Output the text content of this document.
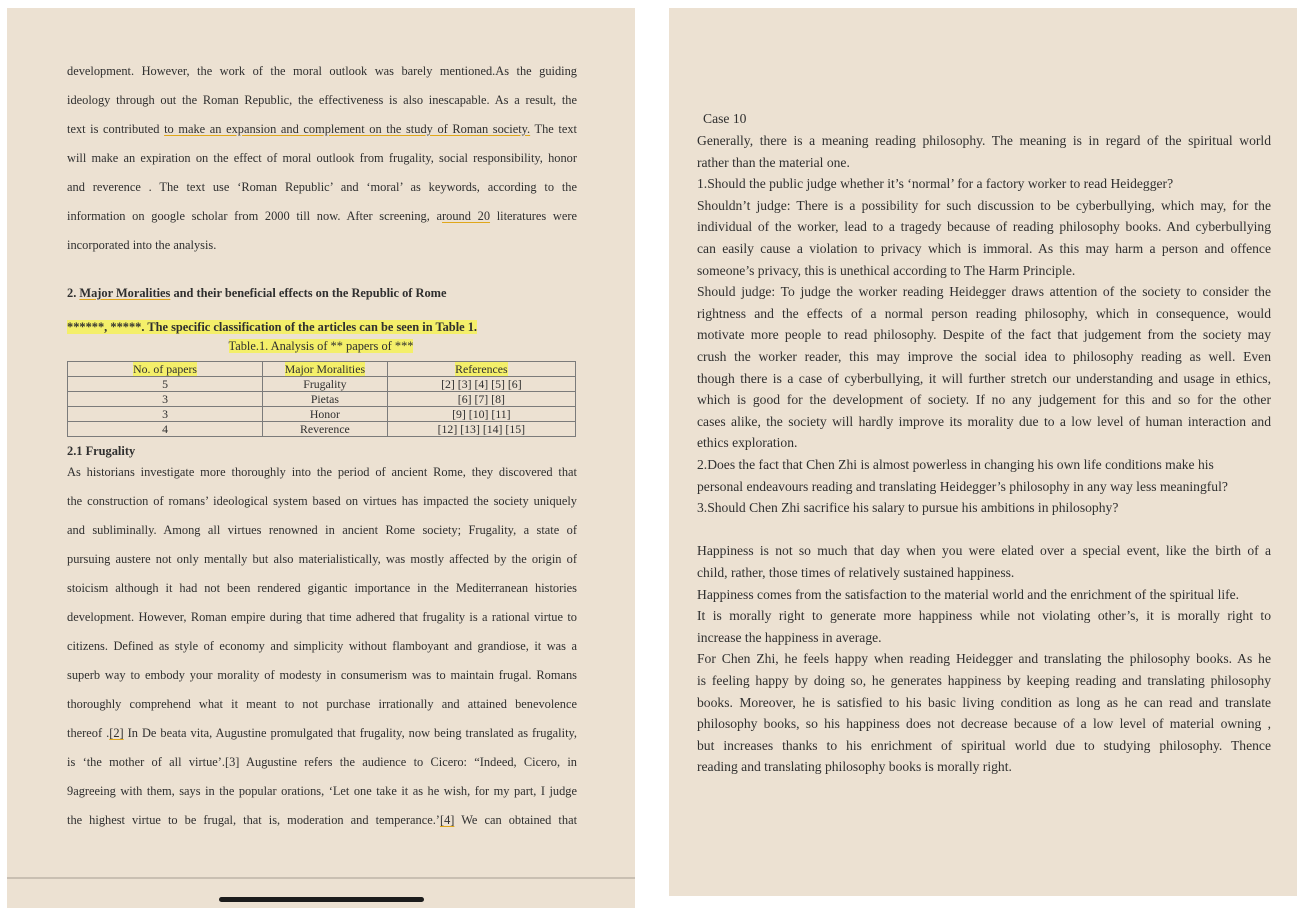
development. However, the work of the moral outlook was barely mentioned.As the guiding
ideology through out the Roman Republic, the effectiveness is also inescapable. As a result, the
text is contributed to make an expansion and complement on the study of Roman society. The text
will make an expiration on the effect of moral outlook from frugality, social responsibility, honor
and reverence . The text use ‘Roman Republic’ and ‘moral’ as keywords, according to the
information on google scholar from 2000 till now. After screening, around 20 literatures were
incorporated into the analysis.
2. Major Moralities and their beneficial effects on the Republic of Rome
******, *****. The specific classification of the articles can be seen in Table 1.
Table.1. Analysis of ** papers of ***
No. of papers	Major Moralities	References
5	Frugality	[2] [3] [4] [5] [6]
3	Pietas	[6] [7] [8]
3	Honor	[9] [10] [11]
4	Reverence	[12] [13] [14] [15]
2.1 Frugality
As historians investigate more thoroughly into the period of ancient Rome, they discovered that
the construction of romans’ ideological system based on virtues has impacted the society uniquely
and subliminally. Among all virtues renowned in ancient Rome society; Frugality, a state of
pursuing austere not only mentally but also materialistically, was mostly affected by the origin of
stoicism although it had not been rendered gigantic importance in the Mediterranean histories
development. However, Roman empire during that time adhered that frugality is a rational virtue to
citizens. Defined as style of economy and simplicity without flamboyant and grandiose, it was a
superb way to embody your morality of modesty in consumerism was to maintain frugal. Romans
thoroughly comprehend what it meant to not purchase irrationally and attained benevolence
thereof .[2] In De beata vita, Augustine promulgated that frugality, now being translated as frugality,
is ‘the mother of all virtue’.[3] Augustine refers the audience to Cicero: “Indeed, Cicero, in
9agreeing with them, says in the popular orations, ‘Let one take it as he wish, for my part, I judge
the highest virtue to be frugal, that is, moderation and temperance.’[4] We can obtained that
Case 10
Generally, there is a meaning reading philosophy. The meaning is in regard of the spiritual world
rather than the material one.
1.Should the public judge whether it’s ‘normal’ for a factory worker to read Heidegger?
Shouldn’t judge: There is a possibility for such discussion to be cyberbullying, which may, for the
individual of the worker, lead to a tragedy because of reading philosophy books. And cyberbullying
can easily cause a violation to privacy which is immoral. As this may harm a person and offence
someone’s privacy, this is unethical according to The Harm Principle.
Should judge: To judge the worker reading Heidegger draws attention of the society to consider the
rightness and the effects of a normal person reading philosophy, which in consequence, would
motivate more people to read philosophy. Despite of the fact that judgement from the society may
crush the worker reader, this may improve the social idea to philosophy reading as well. Even
though there is a case of cyberbullying, it will further stretch our understanding and usage in ethics,
which is good for the development of society. If no any judgement for this and so for the other
cases alike, the society will hardly improve its morality due to a low level of human interaction and
ethics exploration.
2.Does the fact that Chen Zhi is almost powerless in changing his own life conditions make his
personal endeavours reading and translating Heidegger’s philosophy in any way less meaningful?
3.Should Chen Zhi sacrifice his salary to pursue his ambitions in philosophy?
Happiness is not so much that day when you were elated over a special event, like the birth of a
child, rather, those times of relatively sustained happiness.
Happiness comes from the satisfaction to the material world and the enrichment of the spiritual life.
It is morally right to generate more happiness while not violating other’s, it is morally right to
increase the happiness in average.
For Chen Zhi, he feels happy when reading Heidegger and translating the philosophy books. As he
is feeling happy by doing so, he generates happiness by keeping reading and translating philosophy
books. Moreover, he is satisfied to his basic living condition as long as he can read and translate
philosophy books, so his happiness does not decrease because of a low level of material owning ,
but increases thanks to his enrichment of spiritual world due to studying philosophy. Thence
reading and translating philosophy books is morally right.
